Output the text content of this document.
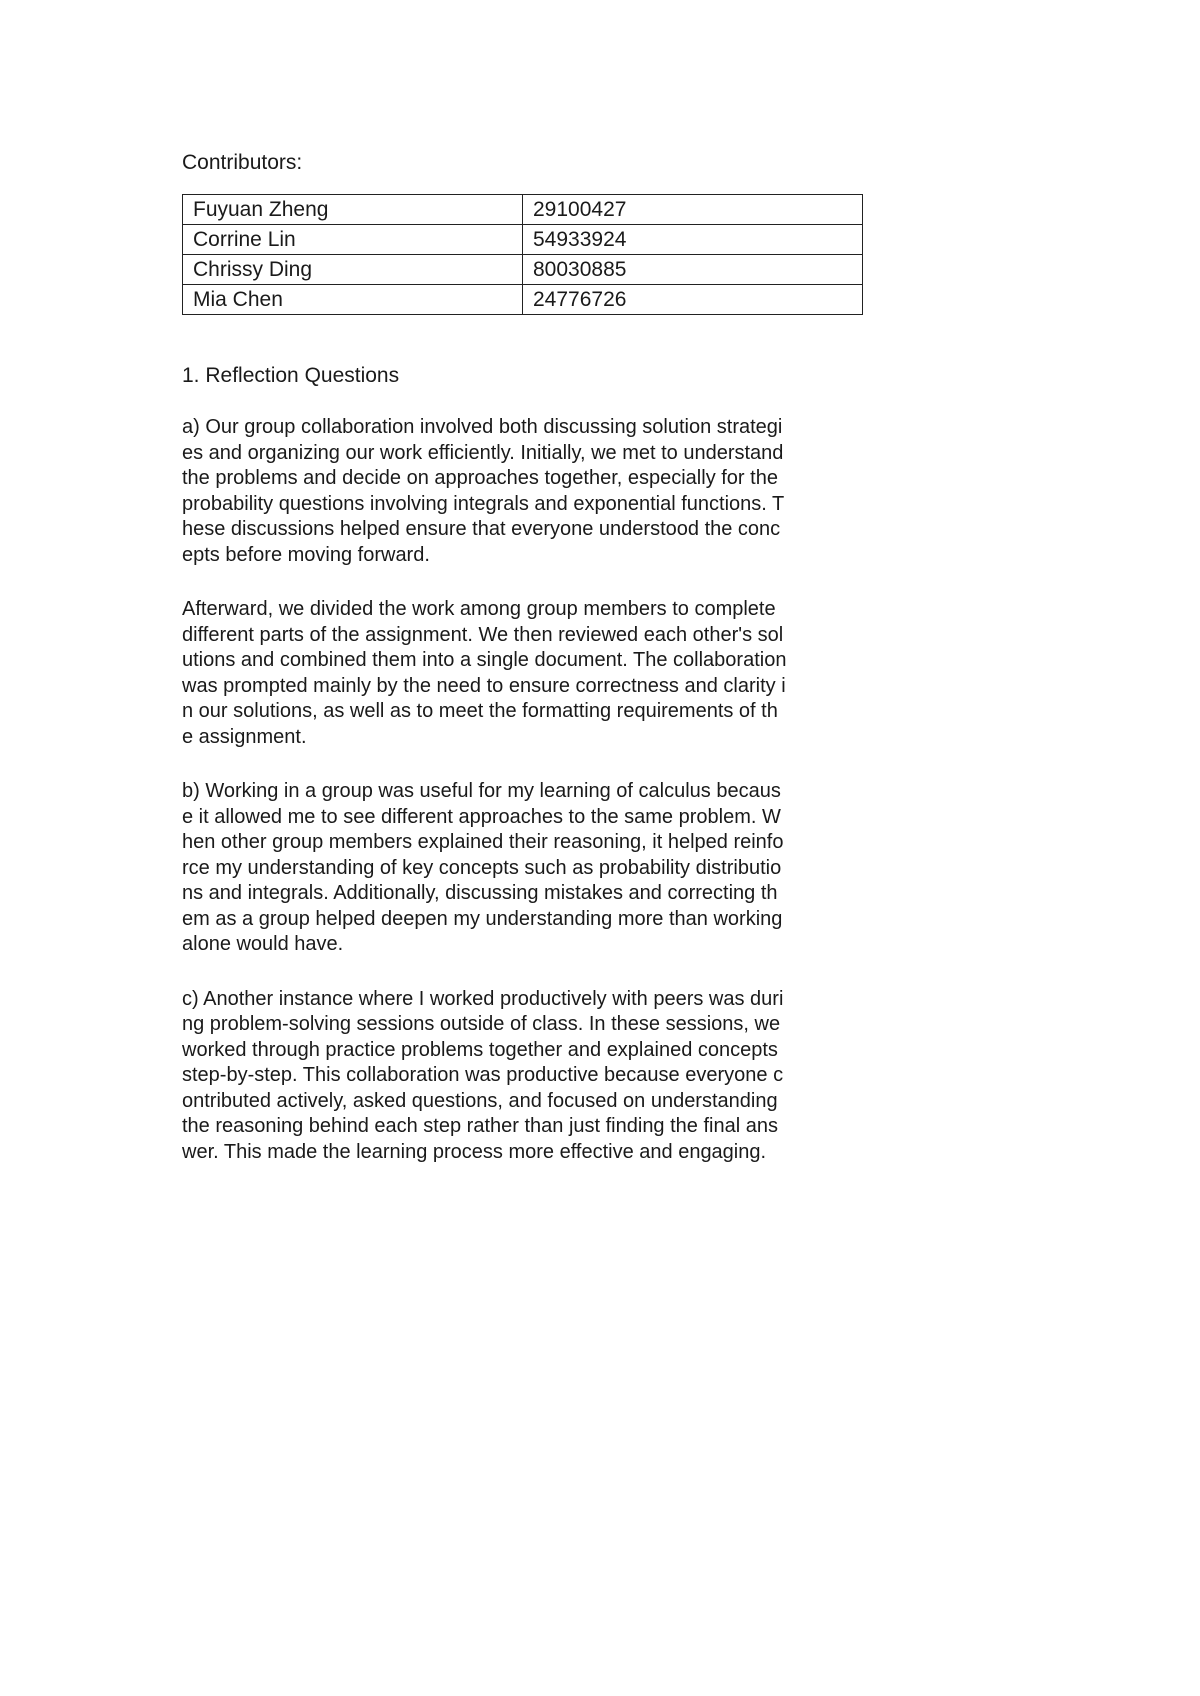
Contributors:
Fuyuan Zheng	29100427
Corrine Lin	54933924
Chrissy Ding	80030885
Mia Chen	24776726
1. Reflection Questions

a) Our group collaboration involved both discussing solution strategi
es and organizing our work efficiently. Initially, we met to understand
the problems and decide on approaches together, especially for the
probability questions involving integrals and exponential functions. T
hese discussions helped ensure that everyone understood the conc
epts before moving forward.

Afterward, we divided the work among group members to complete
different parts of the assignment. We then reviewed each other's sol
utions and combined them into a single document. The collaboration
was prompted mainly by the need to ensure correctness and clarity i
n our solutions, as well as to meet the formatting requirements of th
e assignment.

b) Working in a group was useful for my learning of calculus becaus
e it allowed me to see different approaches to the same problem. W
hen other group members explained their reasoning, it helped reinfo
rce my understanding of key concepts such as probability distributio
ns and integrals. Additionally, discussing mistakes and correcting th
em as a group helped deepen my understanding more than working
alone would have.

c) Another instance where I worked productively with peers was duri
ng problem-solving sessions outside of class. In these sessions, we
worked through practice problems together and explained concepts
step-by-step. This collaboration was productive because everyone c
ontributed actively, asked questions, and focused on understanding
the reasoning behind each step rather than just finding the final ans
wer. This made the learning process more effective and engaging.
